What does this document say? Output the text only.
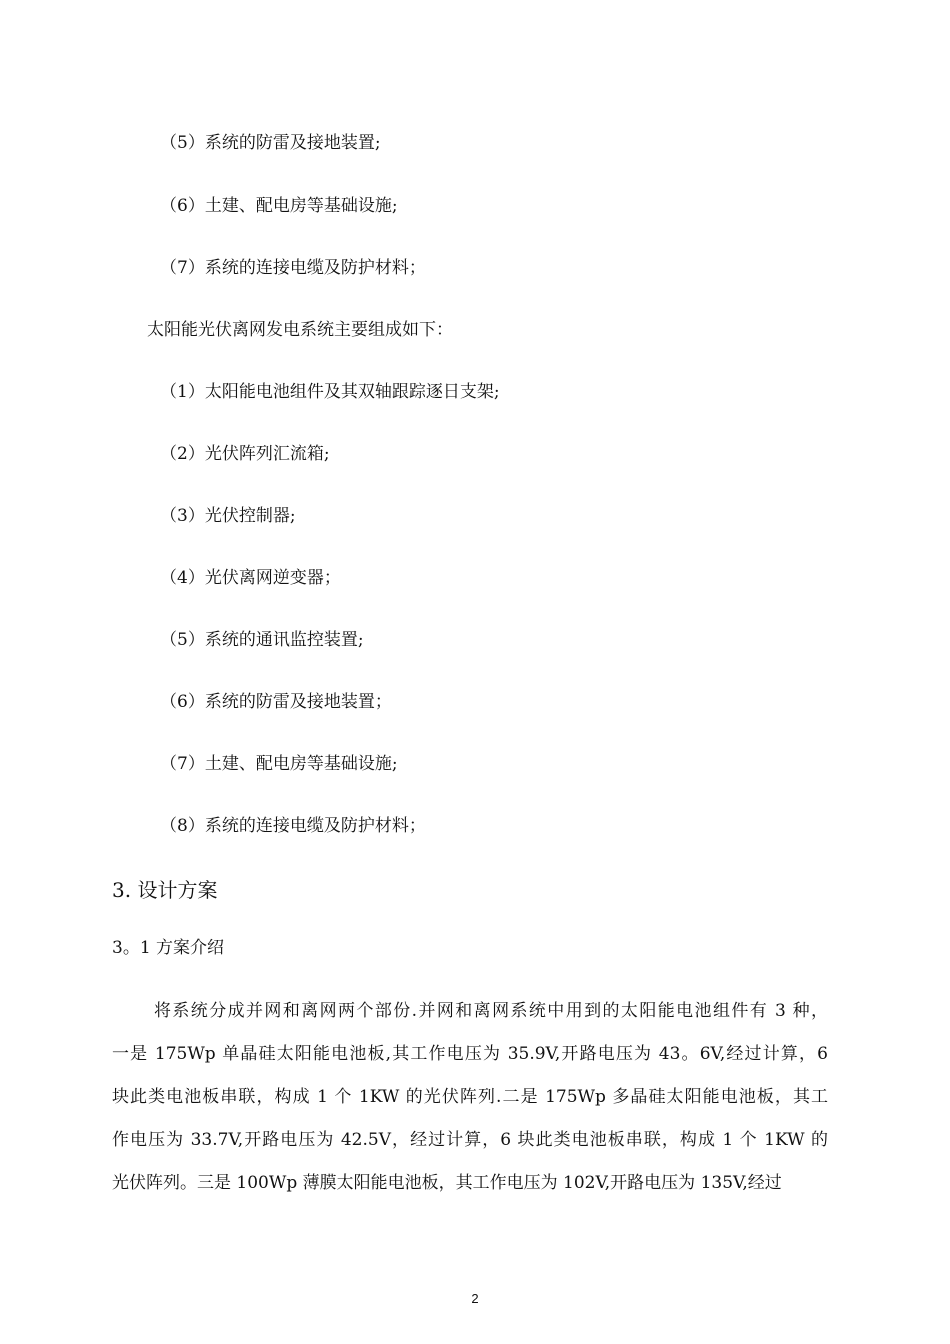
（5）系统的防雷及接地装置;
（6）土建、配电房等基础设施;
（7）系统的连接电缆及防护材料；
太阳能光伏离网发电系统主要组成如下：
（1）太阳能电池组件及其双轴跟踪逐日支架;
（2）光伏阵列汇流箱;
（3）光伏控制器;
（4）光伏离网逆变器；
（5）系统的通讯监控装置;
（6）系统的防雷及接地装置；
（7）土建、配电房等基础设施;
（8）系统的连接电缆及防护材料；
3. 设计方案
3。1 方案介绍
将系统分成并网和离网两个部份.并网和离网系统中用到的太阳能电池组件有 3 种，
一是 175Wp 单晶硅太阳能电池板,其工作电压为 35.9V,开路电压为 43。6V,经过计算，6
块此类电池板串联，构成 1 个 1KW 的光伏阵列.二是 175Wp 多晶硅太阳能电池板，其工
作电压为 33.7V,开路电压为 42.5V，经过计算，6 块此类电池板串联，构成 1 个 1KW 的
光伏阵列。三是 100Wp 薄膜太阳能电池板，其工作电压为 102V,开路电压为 135V,经过
2
